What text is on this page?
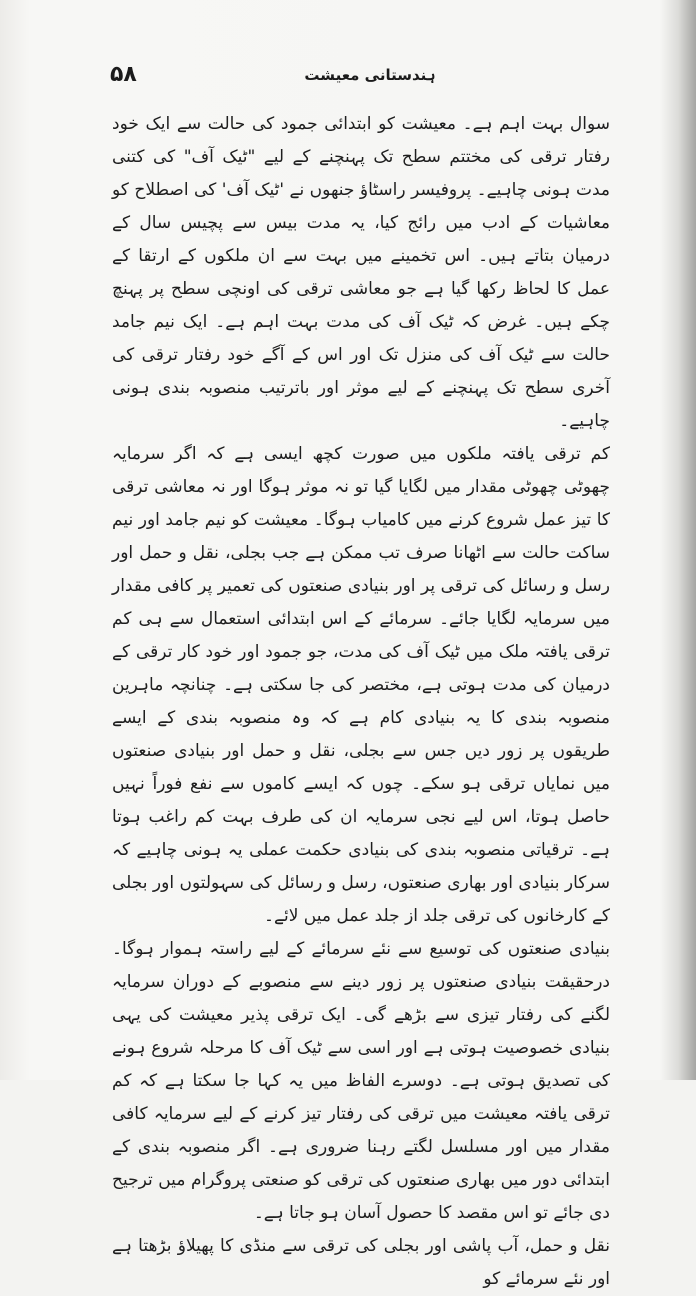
۵۸	ہندستانی معیشت

سوال بہت اہم ہے۔ معیشت کو ابتدائی جمود کی حالت سے ایک خود رفتار ترقی کی مختتم سطح تک پہنچنے کے لیے "ٹیک آف" کی کتنی مدت ہونی چاہیے۔ پروفیسر راسٹاؤ جنھوں نے 'ٹیک آف' کی اصطلاح کو معاشیات کے ادب میں رائج کیا، یہ مدت بیس سے پچیس سال کے درمیان بتاتے ہیں۔ اس تخمینے میں بہت سے ان ملکوں کے ارتقا کے عمل کا لحاظ رکھا گیا ہے جو معاشی ترقی کی اونچی سطح پر پہنچ چکے ہیں۔ غرض کہ ٹیک آف کی مدت بہت اہم ہے۔ ایک نیم جامد حالت سے ٹیک آف کی منزل تک اور اس کے آگے خود رفتار ترقی کی آخری سطح تک پہنچنے کے لیے موثر اور باترتیب منصوبہ بندی ہونی چاہیے۔

کم ترقی یافتہ ملکوں میں صورت کچھ ایسی ہے کہ اگر سرمایہ چھوٹی چھوٹی مقدار میں لگایا گیا تو نہ موثر ہوگا اور نہ معاشی ترقی کا تیز عمل شروع کرنے میں کامیاب ہوگا۔ معیشت کو نیم جامد اور نیم ساکت حالت سے اٹھانا صرف تب ممکن ہے جب بجلی، نقل و حمل اور رسل و رسائل کی ترقی پر اور بنیادی صنعتوں کی تعمیر پر کافی مقدار میں سرمایہ لگایا جائے۔ سرمائے کے اس ابتدائی استعمال سے ہی کم ترقی یافتہ ملک میں ٹیک آف کی مدت، جو جمود اور خود کار ترقی کے درمیان کی مدت ہوتی ہے، مختصر کی جا سکتی ہے۔ چنانچہ ماہرین منصوبہ بندی کا یہ بنیادی کام ہے کہ وہ منصوبہ بندی کے ایسے طریقوں پر زور دیں جس سے بجلی، نقل و حمل اور بنیادی صنعتوں میں نمایاں ترقی ہو سکے۔ چوں کہ ایسے کاموں سے نفع فوراً نہیں حاصل ہوتا، اس لیے نجی سرمایہ ان کی طرف بہت کم راغب ہوتا ہے۔ ترقیاتی منصوبہ بندی کی بنیادی حکمت عملی یہ ہونی چاہیے کہ سرکار بنیادی اور بھاری صنعتوں، رسل و رسائل کی سہولتوں اور بجلی کے کارخانوں کی ترقی جلد از جلد عمل میں لائے۔

بنیادی صنعتوں کی توسیع سے نئے سرمائے کے لیے راستہ ہموار ہوگا۔ درحقیقت بنیادی صنعتوں پر زور دینے سے منصوبے کے دوران سرمایہ لگنے کی رفتار تیزی سے بڑھے گی۔ ایک ترقی پذیر معیشت کی یہی بنیادی خصوصیت ہوتی ہے اور اسی سے ٹیک آف کا مرحلہ شروع ہونے کی تصدیق ہوتی ہے۔ دوسرے الفاظ میں یہ کہا جا سکتا ہے کہ کم ترقی یافتہ معیشت میں ترقی کی رفتار تیز کرنے کے لیے سرمایہ کافی مقدار میں اور مسلسل لگتے رہنا ضروری ہے۔ اگر منصوبہ بندی کے ابتدائی دور میں بھاری صنعتوں کی ترقی کو صنعتی پروگرام میں ترجیح دی جائے تو اس مقصد کا حصول آسان ہو جاتا ہے۔

نقل و حمل، آب پاشی اور بجلی کی ترقی سے منڈی کا پھیلاؤ بڑھتا ہے اور نئے سرمائے کو
